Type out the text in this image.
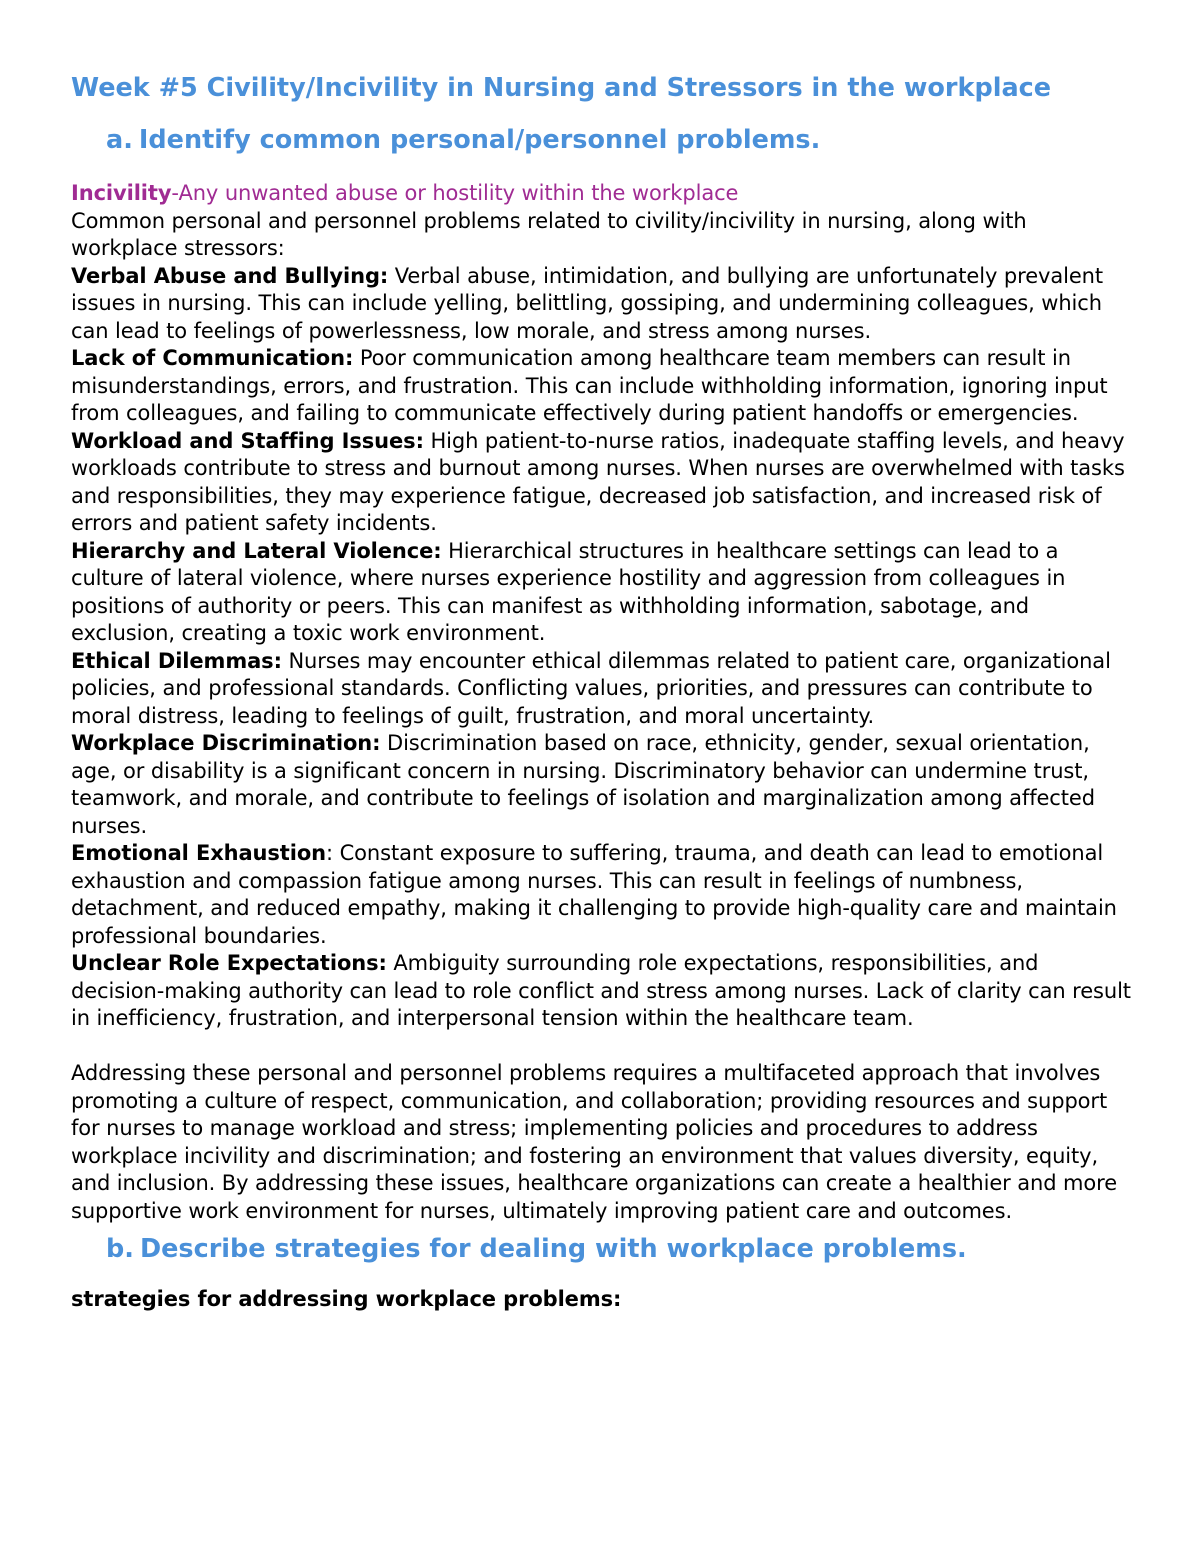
Week #5 Civility/Incivility in Nursing and Stressors in the workplace
a. Identify common personal/personnel problems.
Incivility-Any unwanted abuse or hostility within the workplace

Common personal and personnel problems related to civility/incivility in nursing, along with workplace stressors:

Verbal Abuse and Bullying: Verbal abuse, intimidation, and bullying are unfortunately prevalent issues in nursing. This can include yelling, belittling, gossiping, and undermining colleagues, which can lead to feelings of powerlessness, low morale, and stress among nurses.

Lack of Communication: Poor communication among healthcare team members can result in misunderstandings, errors, and frustration. This can include withholding information, ignoring input from colleagues, and failing to communicate effectively during patient handoffs or emergencies.

Workload and Staffing Issues: High patient-to-nurse ratios, inadequate staffing levels, and heavy workloads contribute to stress and burnout among nurses. When nurses are overwhelmed with tasks and responsibilities, they may experience fatigue, decreased job satisfaction, and increased risk of errors and patient safety incidents.

Hierarchy and Lateral Violence: Hierarchical structures in healthcare settings can lead to a culture of lateral violence, where nurses experience hostility and aggression from colleagues in positions of authority or peers. This can manifest as withholding information, sabotage, and exclusion, creating a toxic work environment.

Ethical Dilemmas: Nurses may encounter ethical dilemmas related to patient care, organizational policies, and professional standards. Conflicting values, priorities, and pressures can contribute to moral distress, leading to feelings of guilt, frustration, and moral uncertainty.

Workplace Discrimination: Discrimination based on race, ethnicity, gender, sexual orientation, age, or disability is a significant concern in nursing. Discriminatory behavior can undermine trust, teamwork, and morale, and contribute to feelings of isolation and marginalization among affected nurses.

Emotional Exhaustion: Constant exposure to suffering, trauma, and death can lead to emotional exhaustion and compassion fatigue among nurses. This can result in feelings of numbness, detachment, and reduced empathy, making it challenging to provide high-quality care and maintain professional boundaries.

Unclear Role Expectations: Ambiguity surrounding role expectations, responsibilities, and decision-making authority can lead to role conflict and stress among nurses. Lack of clarity can result in inefficiency, frustration, and interpersonal tension within the healthcare team.

Addressing these personal and personnel problems requires a multifaceted approach that involves promoting a culture of respect, communication, and collaboration; providing resources and support for nurses to manage workload and stress; implementing policies and procedures to address workplace incivility and discrimination; and fostering an environment that values diversity, equity, and inclusion. By addressing these issues, healthcare organizations can create a healthier and more supportive work environment for nurses, ultimately improving patient care and outcomes.

b. Describe strategies for dealing with workplace problems.

strategies for addressing workplace problems:
